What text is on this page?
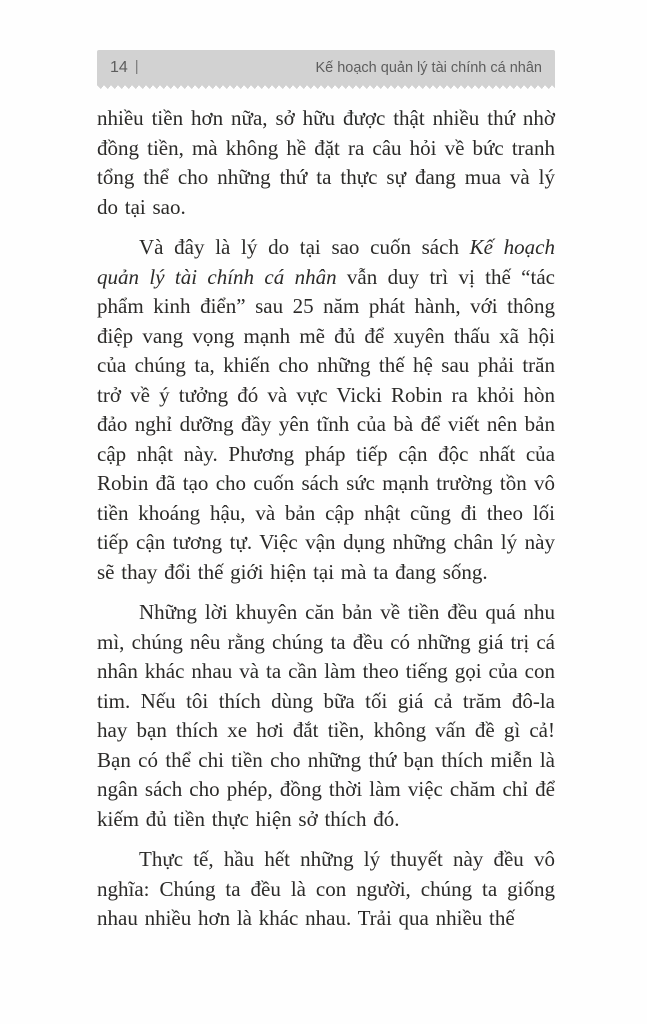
14 |	Kế hoạch quản lý tài chính cá nhân

nhiều tiền hơn nữa, sở hữu được thật nhiều thứ nhờ đồng tiền, mà không hề đặt ra câu hỏi về bức tranh tổng thể cho những thứ ta thực sự đang mua và lý do tại sao.

Và đây là lý do tại sao cuốn sách Kế hoạch quản lý tài chính cá nhân vẫn duy trì vị thế “tác phẩm kinh điển” sau 25 năm phát hành, với thông điệp vang vọng mạnh mẽ đủ để xuyên thấu xã hội của chúng ta, khiến cho những thế hệ sau phải trăn trở về ý tưởng đó và vực Vicki Robin ra khỏi hòn đảo nghỉ dưỡng đầy yên tĩnh của bà để viết nên bản cập nhật này. Phương pháp tiếp cận độc nhất của Robin đã tạo cho cuốn sách sức mạnh trường tồn vô tiền khoáng hậu, và bản cập nhật cũng đi theo lối tiếp cận tương tự. Việc vận dụng những chân lý này sẽ thay đổi thế giới hiện tại mà ta đang sống.

Những lời khuyên căn bản về tiền đều quá nhu mì, chúng nêu rằng chúng ta đều có những giá trị cá nhân khác nhau và ta cần làm theo tiếng gọi của con tim. Nếu tôi thích dùng bữa tối giá cả trăm đô-la hay bạn thích xe hơi đắt tiền, không vấn đề gì cả! Bạn có thể chi tiền cho những thứ bạn thích miễn là ngân sách cho phép, đồng thời làm việc chăm chỉ để kiếm đủ tiền thực hiện sở thích đó.

Thực tế, hầu hết những lý thuyết này đều vô nghĩa: Chúng ta đều là con người, chúng ta giống nhau nhiều hơn là khác nhau. Trải qua nhiều thế
